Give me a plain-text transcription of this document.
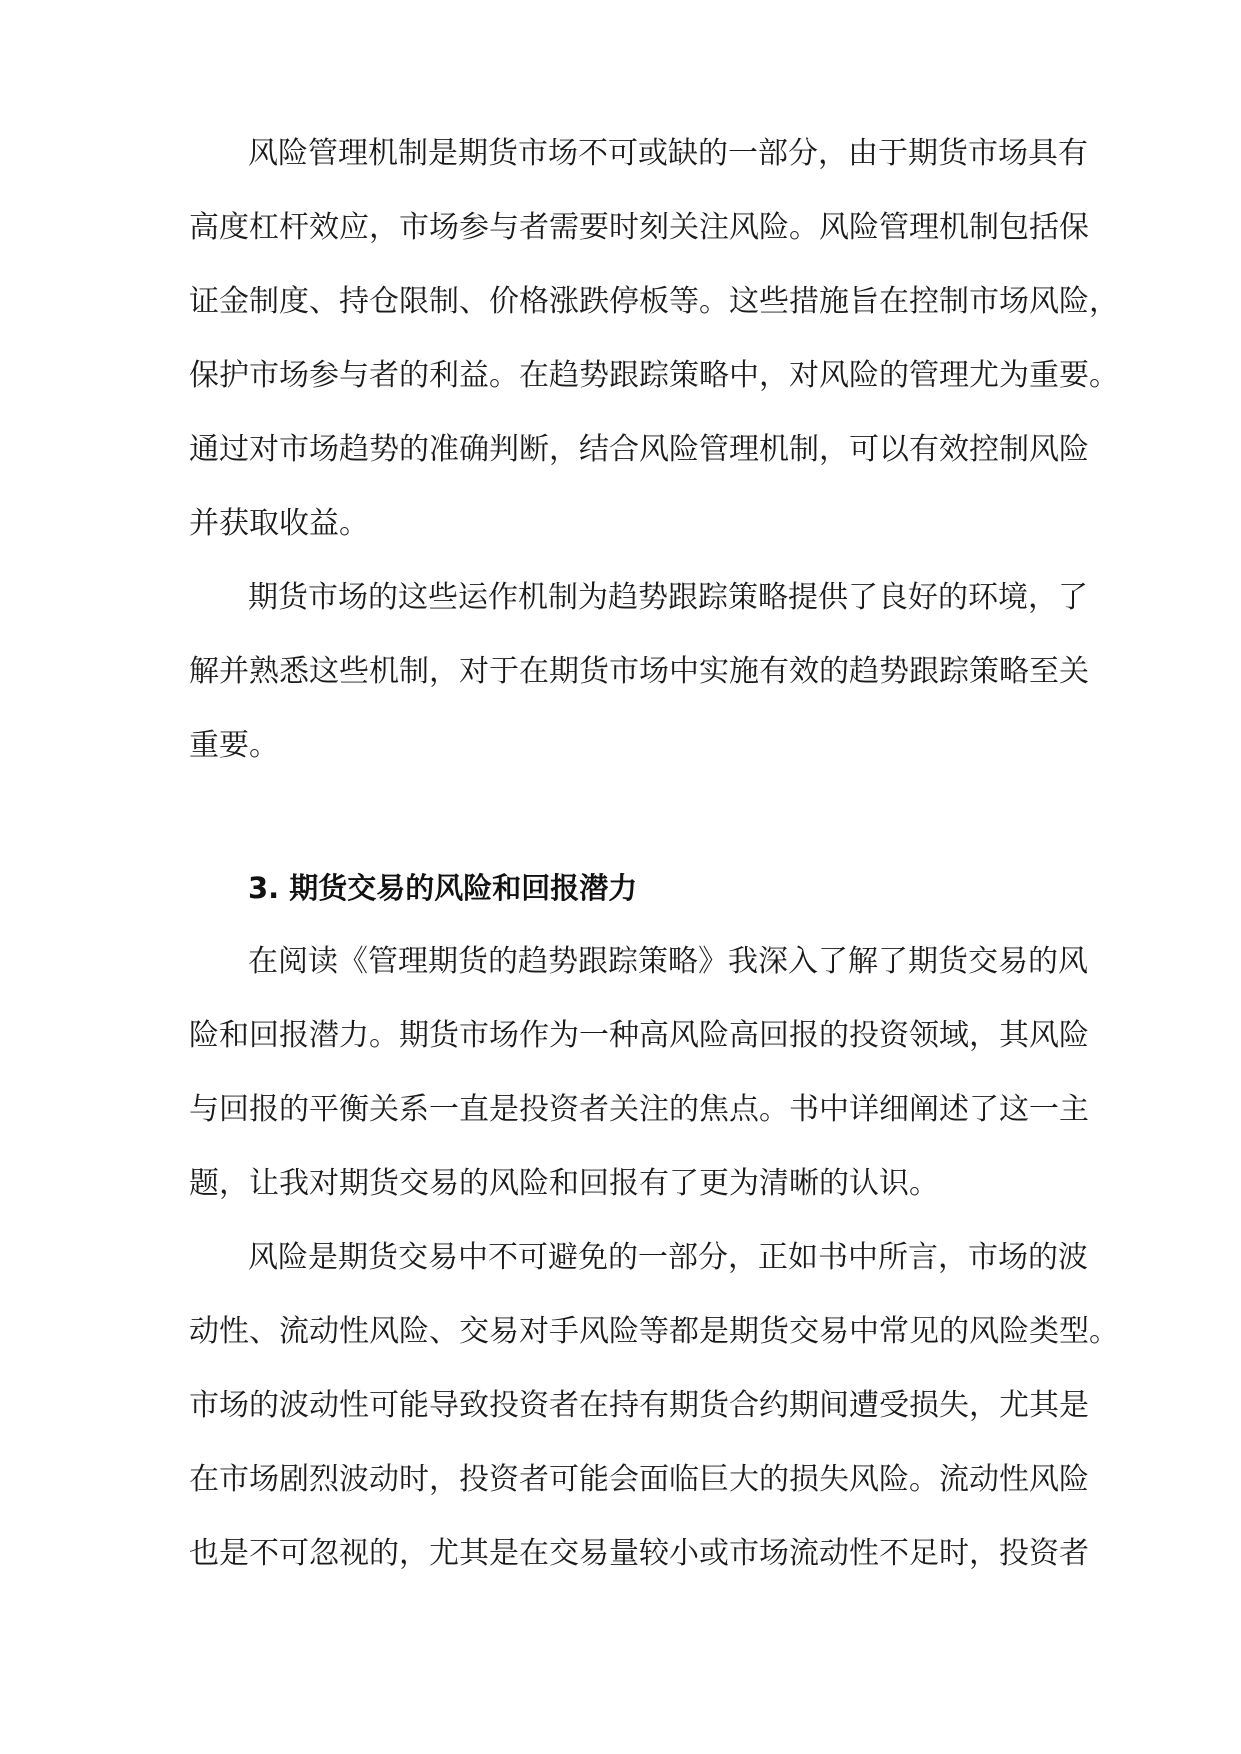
风险管理机制是期货市场不可或缺的一部分，由于期货市场具有

高度杠杆效应，市场参与者需要时刻关注风险。风险管理机制包括保

证金制度、持仓限制、价格涨跌停板等。这些措施旨在控制市场风险，

保护市场参与者的利益。在趋势跟踪策略中，对风险的管理尤为重要。

通过对市场趋势的准确判断，结合风险管理机制，可以有效控制风险

并获取收益。

期货市场的这些运作机制为趋势跟踪策略提供了良好的环境，了

解并熟悉这些机制，对于在期货市场中实施有效的趋势跟踪策略至关

重要。

3. 期货交易的风险和回报潜力

在阅读《管理期货的趋势跟踪策略》我深入了解了期货交易的风

险和回报潜力。期货市场作为一种高风险高回报的投资领域，其风险

与回报的平衡关系一直是投资者关注的焦点。书中详细阐述了这一主

题，让我对期货交易的风险和回报有了更为清晰的认识。

风险是期货交易中不可避免的一部分，正如书中所言，市场的波

动性、流动性风险、交易对手风险等都是期货交易中常见的风险类型。

市场的波动性可能导致投资者在持有期货合约期间遭受损失，尤其是

在市场剧烈波动时，投资者可能会面临巨大的损失风险。流动性风险

也是不可忽视的，尤其是在交易量较小或市场流动性不足时，投资者
